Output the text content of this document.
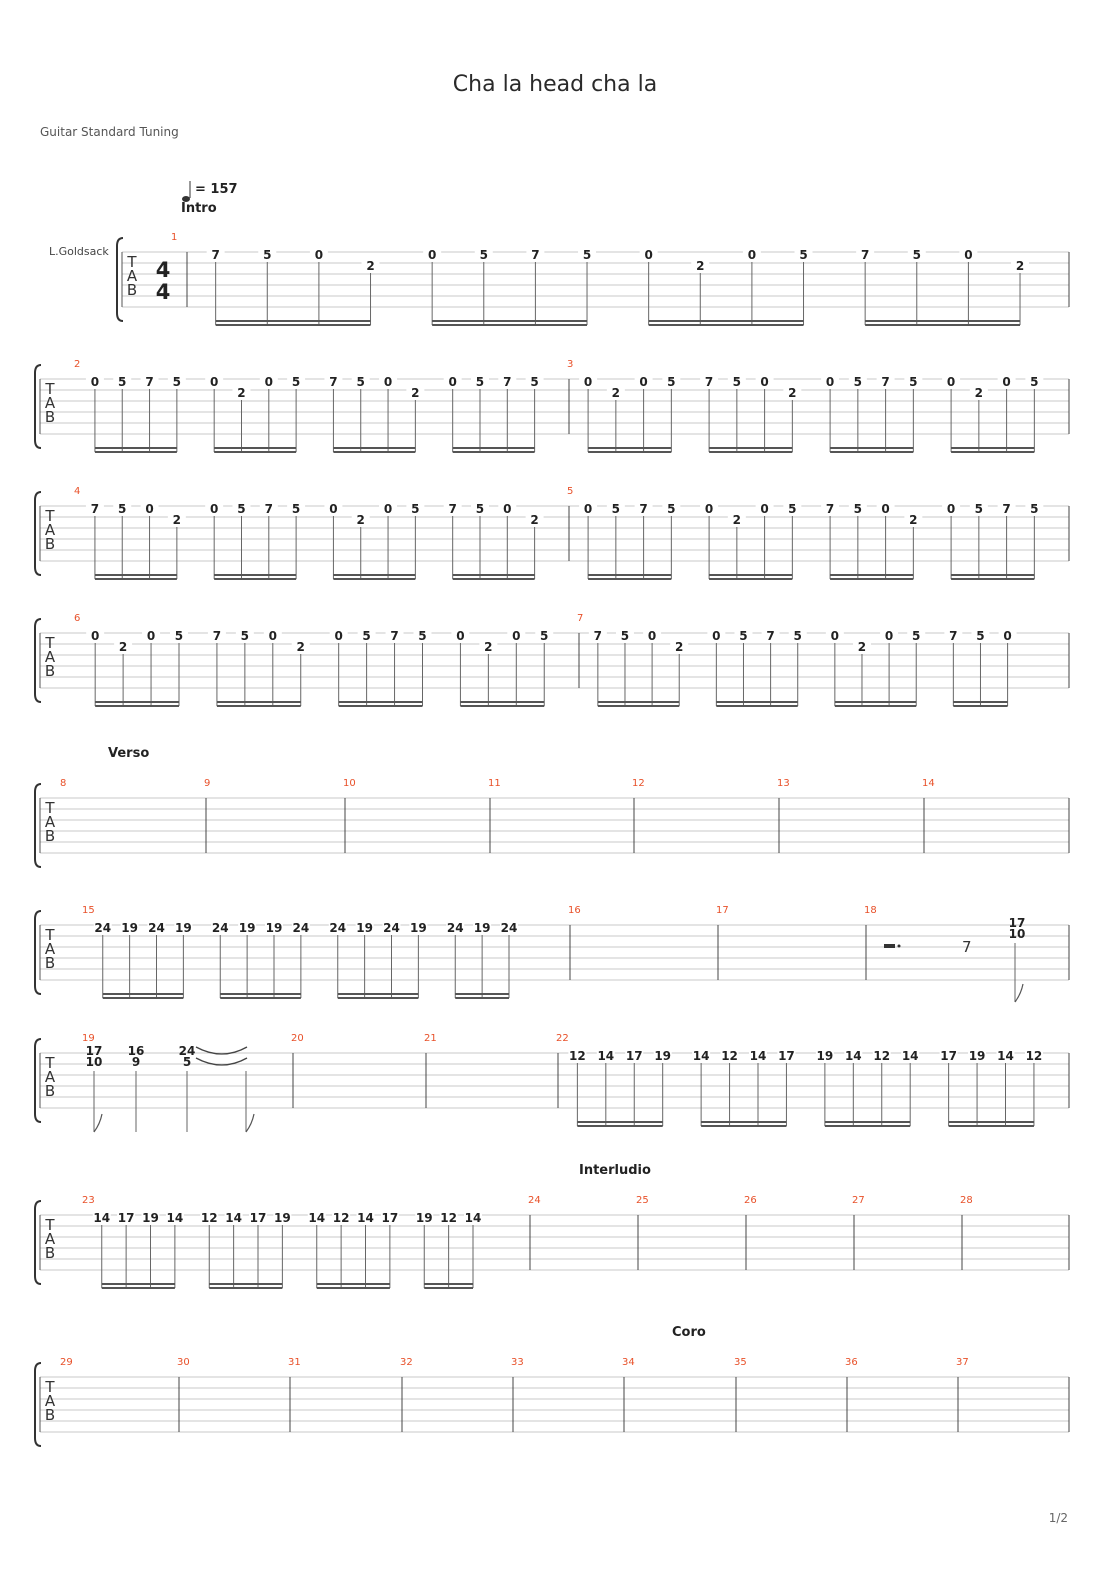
Cha la head cha la
Guitar Standard Tuning
T
A
B
1
7	5	0
2
0	5	7	5	0
2
0	5	7	5	0
2
4
4
L.Goldsack
= 157
T
A
B
2
0 5 7 5 0
2
0 5 7 5 0
2
0 5 7 5
3
0
2
0 5 7 5 0
2
0 5 7 5 0
2
0 5
T
A
B
4
7 5 0
2
0 5 7 5 0
2
0 5 7 5 0
2
5
0 5 7 5 0
2
0 5 7 5 0
2
0 5 7 5
T
A
B
6
0
2
0 5 7 5 0
2
0 5 7 5 0
2
0 5
7
7 5 0
2
0 5 7 5 0
2
0 5 7 5 0
T
A
B
8	9	10	11	12	13	14
T
A
B
15
24 19 24 19 24 19 19 24 24 19 24 19 24 19 24
16	17	18
7
17
10
T
A
B
19
17
10
16
9
24
5
20	21	22
12 14 17 19 14 12 14 17 19 14 12 14 17 19 14 12
T
A
B
23
14 17 19 14 12 14 17 19 14 12 14 17 19 12 14
24	25	26	27	28
T
A
B
29	30	31	32	33	34	35	36	37
Intro
Verso
Interludio
Coro
1/2
